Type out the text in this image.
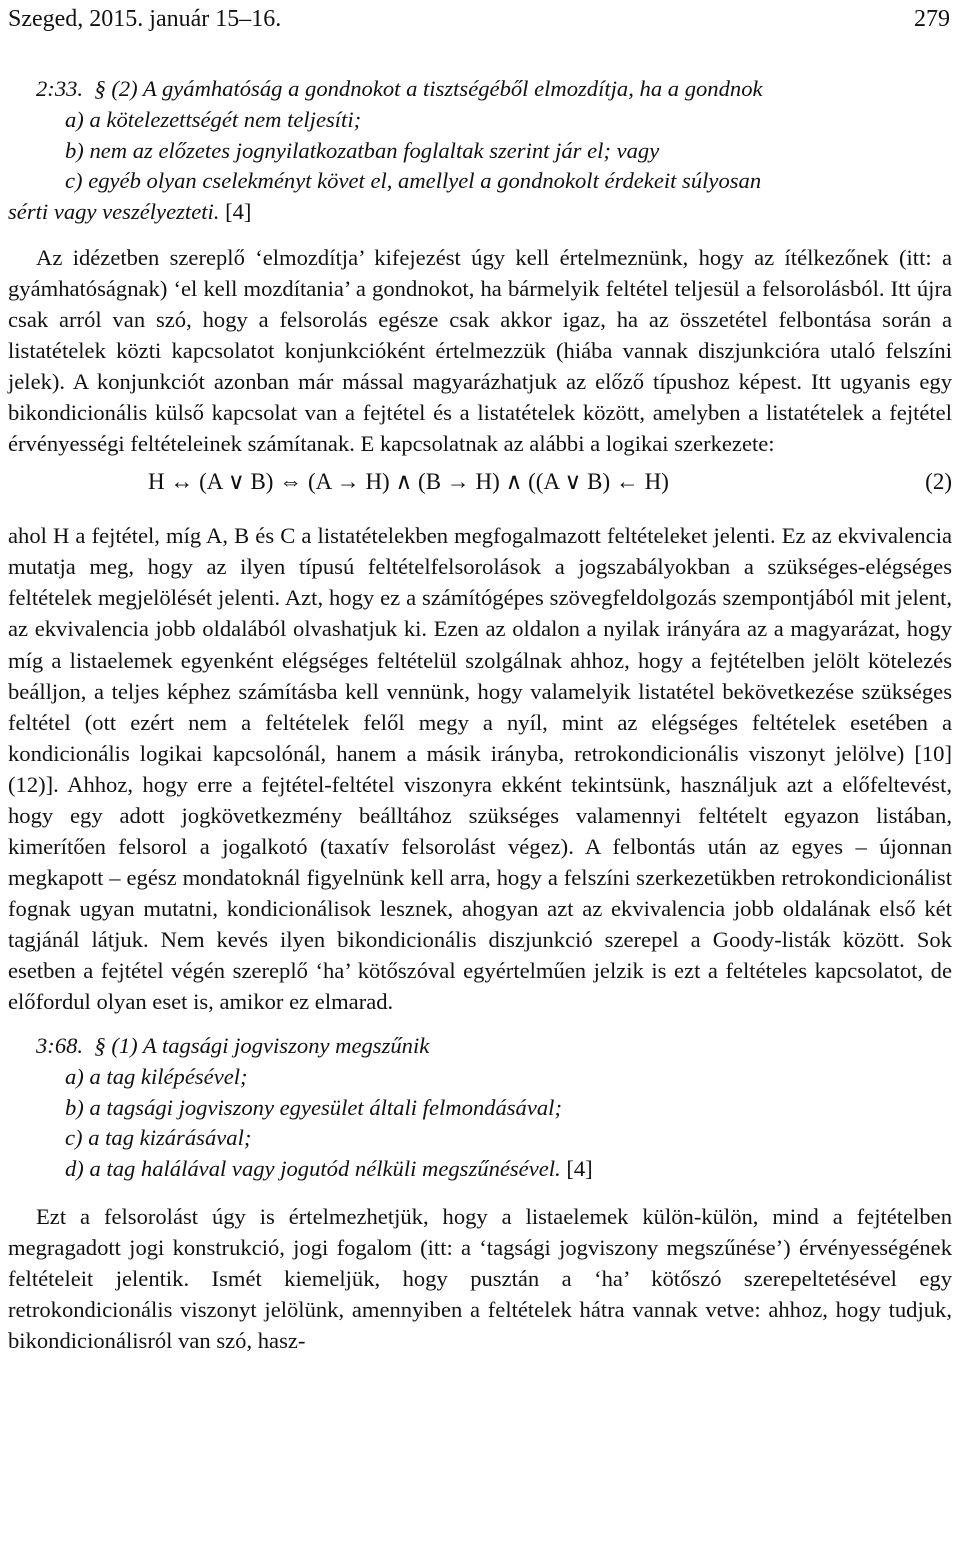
Szeged, 2015. január 15–16.	279
2:33. § (2) A gyámhatóság a gondnokot a tisztségéből elmozdítja, ha a gondnok
a) a kötelezettségét nem teljesíti;
b) nem az előzetes jognyilatkozatban foglaltak szerint jár el; vagy
c) egyéb olyan cselekményt követ el, amellyel a gondnokolt érdekeit súlyosan
sérti vagy veszélyezteti. [4]

Az idézetben szereplő ‘elmozdítja’ kifejezést úgy kell értelmeznünk, hogy az ítélkezőnek (itt: a gyámhatóságnak) ‘el kell mozdítania’ a gondnokot, ha bármelyik feltétel teljesül a felsorolásból. Itt újra csak arról van szó, hogy a felsorolás egésze csak akkor igaz, ha az összetétel felbontása során a listatételek közti kapcsolatot konjunkcióként értelmezzük (hiába vannak diszjunkcióra utaló felszíni jelek). A konjunkciót azonban már mással magyarázhatjuk az előző típushoz képest. Itt ugyanis egy bikondicionális külső kapcsolat van a fejtétel és a listatételek között, amelyben a listatételek a fejtétel érvényességi feltételeinek számítanak. E kapcsolatnak az alábbi a logikai szerkezete:

H ↔ (A ∨ B) ⇔ (A → H) ∧ (B → H) ∧ ((A ∨ B) ← H)	(2)

ahol H a fejtétel, míg A, B és C a listatételekben megfogalmazott feltételeket jelenti. Ez az ekvivalencia mutatja meg, hogy az ilyen típusú feltételfelsorolások a jogszabályokban a szükséges-elégséges feltételek megjelölését jelenti. Azt, hogy ez a számítógépes szövegfeldolgozás szempontjából mit jelent, az ekvivalencia jobb oldalából olvashatjuk ki. Ezen az oldalon a nyilak irányára az a magyarázat, hogy míg a listaelemek egyenként elégséges feltételül szolgálnak ahhoz, hogy a fejtételben jelölt kötelezés beálljon, a teljes képhez számításba kell vennünk, hogy valamelyik listatétel bekövetkezése szükséges feltétel (ott ezért nem a feltételek felől megy a nyíl, mint az elégséges feltételek esetében a kondicionális logikai kapcsolónál, hanem a másik irányba, retrokondicionális viszonyt jelölve) [10] (12)]. Ahhoz, hogy erre a fejtétel-feltétel viszonyra ekként tekintsünk, használjuk azt a előfeltevést, hogy egy adott jogkövetkezmény beálltához szükséges valamennyi feltételt egyazon listában, kimerítően felsorol a jogalkotó (taxatív felsorolást végez). A felbontás után az egyes – újonnan megkapott – egész mondatoknál figyelnünk kell arra, hogy a felszíni szerkezetükben retrokondicionálist fognak ugyan mutatni, kondicionálisok lesznek, ahogyan azt az ekvivalencia jobb oldalának első két tagjánál látjuk. Nem kevés ilyen bikondicionális diszjunkció szerepel a Goody-listák között. Sok esetben a fejtétel végén szereplő ‘ha’ kötőszóval egyértelműen jelzik is ezt a feltételes kapcsolatot, de előfordul olyan eset is, amikor ez elmarad.

3:68. § (1) A tagsági jogviszony megszűnik
a) a tag kilépésével;
b) a tagsági jogviszony egyesület általi felmondásával;
c) a tag kizárásával;
d) a tag halálával vagy jogutód nélküli megszűnésével. [4]

Ezt a felsorolást úgy is értelmezhetjük, hogy a listaelemek külön-külön, mind a fejtételben megragadott jogi konstrukció, jogi fogalom (itt: a ‘tagsági jogviszony megszűnése’) érvényességének feltételeit jelentik. Ismét kiemeljük, hogy pusztán a ‘ha’ kötőszó szerepeltetésével egy retrokondicionális viszonyt jelölünk, amennyiben a feltételek hátra vannak vetve: ahhoz, hogy tudjuk, bikondicionálisról van szó, hasz-
